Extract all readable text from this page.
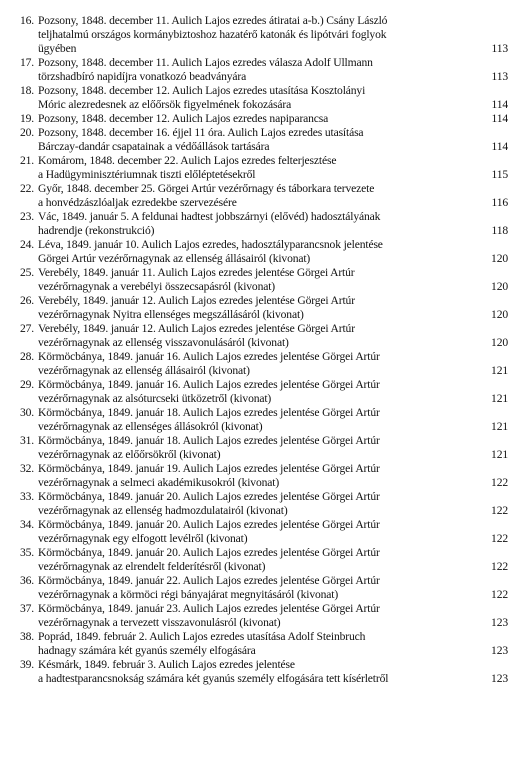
16. Pozsony, 1848. december 11. Aulich Lajos ezredes átiratai a-b.) Csány László
teljhatalmú országos kormánybiztoshoz hazatérő katonák és lipótvári foglyok
ügyében	113
17. Pozsony, 1848. december 11. Aulich Lajos ezredes válasza Adolf Ullmann
törzshadbíró napidíjra vonatkozó beadványára	113
18. Pozsony, 1848. december 12. Aulich Lajos ezredes utasítása Kosztolányi
Móric alezredesnek az előőrsök figyelmének fokozására	114
19. Pozsony, 1848. december 12. Aulich Lajos ezredes napiparancsa	114
20. Pozsony, 1848. december 16. éjjel 11 óra. Aulich Lajos ezredes utasítása
Bárczay-dandár csapatainak a védőállások tartására	114
21. Komárom, 1848. december 22. Aulich Lajos ezredes felterjesztése
a Hadügyminisztériumnak tiszti előléptetésekről	115
22. Győr, 1848. december 25. Görgei Artúr vezérőrnagy és táborkara tervezete
a honvédzászlóaljak ezredekbe szervezésére	116
23. Vác, 1849. január 5. A feldunai hadtest jobbszárnyi (elővéd) hadosztályának
hadrendje (rekonstrukció)	118
24. Léva, 1849. január 10. Aulich Lajos ezredes, hadosztályparancsnok jelentése
Görgei Artúr vezérőrnagynak az ellenség állásairól (kivonat)	120
25. Verebély, 1849. január 11. Aulich Lajos ezredes jelentése Görgei Artúr
vezérőrnagynak a verebélyi összecsapásról (kivonat)	120
26. Verebély, 1849. január 12. Aulich Lajos ezredes jelentése Görgei Artúr
vezérőrnagynak Nyitra ellenséges megszállásáról (kivonat)	120
27. Verebély, 1849. január 12. Aulich Lajos ezredes jelentése Görgei Artúr
vezérőrnagynak az ellenség visszavonulásáról (kivonat)	120
28. Körmöcbánya, 1849. január 16. Aulich Lajos ezredes jelentése Görgei Artúr
vezérőrnagynak az ellenség állásairól (kivonat)	121
29. Körmöcbánya, 1849. január 16. Aulich Lajos ezredes jelentése Görgei Artúr
vezérőrnagynak az alsóturcseki ütközetről (kivonat)	121
30. Körmöcbánya, 1849. január 18. Aulich Lajos ezredes jelentése Görgei Artúr
vezérőrnagynak az ellenséges állásokról (kivonat)	121
31. Körmöcbánya, 1849. január 18. Aulich Lajos ezredes jelentése Görgei Artúr
vezérőrnagynak az előőrsökről (kivonat)	121
32. Körmöcbánya, 1849. január 19. Aulich Lajos ezredes jelentése Görgei Artúr
vezérőrnagynak a selmeci akadémikusokról (kivonat)	122
33. Körmöcbánya, 1849. január 20. Aulich Lajos ezredes jelentése Görgei Artúr
vezérőrnagynak az ellenség hadmozdulatairól (kivonat)	122
34. Körmöcbánya, 1849. január 20. Aulich Lajos ezredes jelentése Görgei Artúr
vezérőrnagynak egy elfogott levélről (kivonat)	122
35. Körmöcbánya, 1849. január 20. Aulich Lajos ezredes jelentése Görgei Artúr
vezérőrnagynak az elrendelt felderítésről (kivonat)	122
36. Körmöcbánya, 1849. január 22. Aulich Lajos ezredes jelentése Görgei Artúr
vezérőrnagynak a körmöci régi bányajárat megnyitásáról (kivonat)	122
37. Körmöcbánya, 1849. január 23. Aulich Lajos ezredes jelentése Görgei Artúr
vezérőrnagynak a tervezett visszavonulásról (kivonat)	123
38. Poprád, 1849. február 2. Aulich Lajos ezredes utasítása Adolf Steinbruch
hadnagy számára két gyanús személy elfogására	123
39. Késmárk, 1849. február 3. Aulich Lajos ezredes jelentése
a hadtestparancsnokság számára két gyanús személy elfogására tett kísérletről	123
